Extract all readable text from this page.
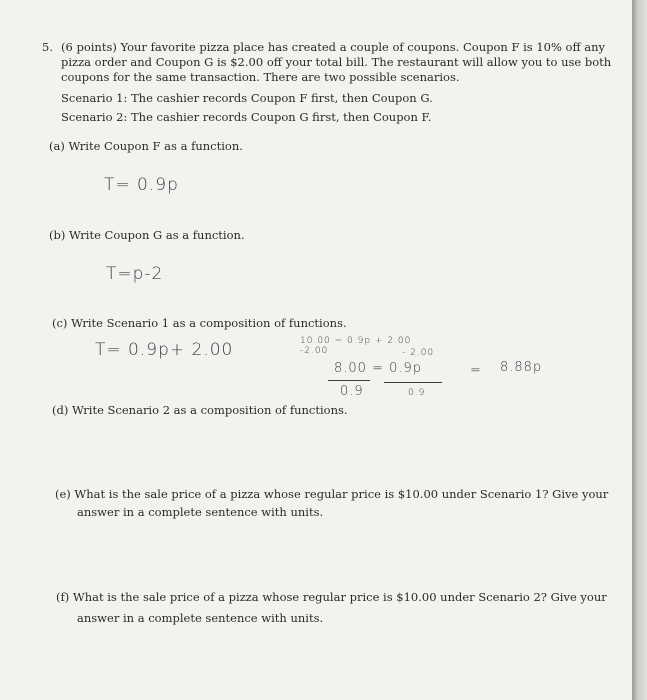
5. (6 points) Your favorite pizza place has created a couple of coupons. Coupon F is 10% off any
pizza order and Coupon G is $2.00 off your total bill. The restaurant will allow you to use both
coupons for the same transaction. There are two possible scenarios.
Scenario 1: The cashier records Coupon F first, then Coupon G.
Scenario 2: The cashier records Coupon G first, then Coupon F.
(a) Write Coupon F as a function.
T= 0.9p
(b) Write Coupon G as a function.
T=p-2
(c) Write Scenario 1 as a composition of functions.
T= 0.9p+ 2.00	10.00 = 0.9p + 2.00
-2.00	- 2.00
8.00 = 0.9p
0.9	0.9
= 8.88p
(d) Write Scenario 2 as a composition of functions.
(e) What is the sale price of a pizza whose regular price is $10.00 under Scenario 1? Give your
answer in a complete sentence with units.
(f) What is the sale price of a pizza whose regular price is $10.00 under Scenario 2? Give your
answer in a complete sentence with units.
